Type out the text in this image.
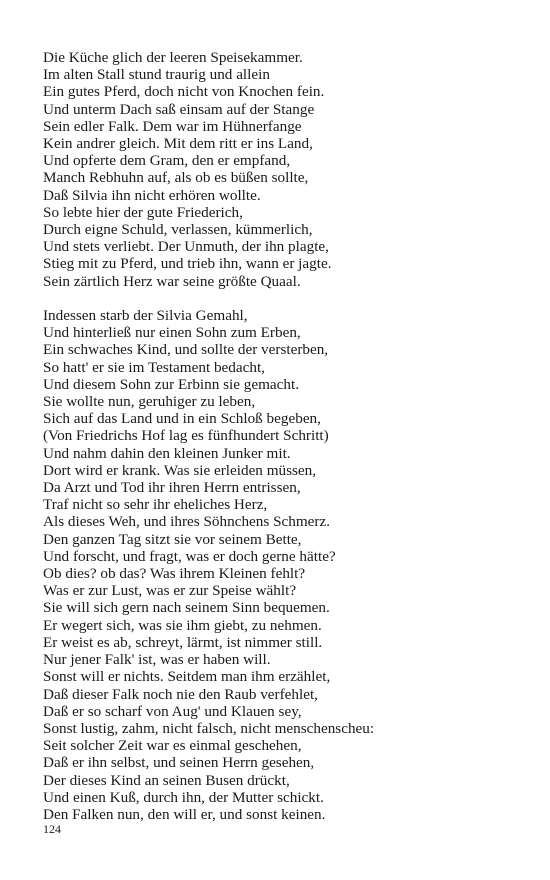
Die Küche glich der leeren Speisekammer.
Im alten Stall stund traurig und allein
Ein gutes Pferd, doch nicht von Knochen fein.
Und unterm Dach saß einsam auf der Stange
Sein edler Falk. Dem war im Hühnerfange
Kein andrer gleich. Mit dem ritt er ins Land,
Und opferte dem Gram, den er empfand,
Manch Rebhuhn auf, als ob es büßen sollte,
Daß Silvia ihn nicht erhören wollte.
So lebte hier der gute Friederich,
Durch eigne Schuld, verlassen, kümmerlich,
Und stets verliebt. Der Unmuth, der ihn plagte,
Stieg mit zu Pferd, und trieb ihn, wann er jagte.
Sein zärtlich Herz war seine größte Quaal.
Indessen starb der Silvia Gemahl,
Und hinterließ nur einen Sohn zum Erben,
Ein schwaches Kind, und sollte der versterben,
So hatt' er sie im Testament bedacht,
Und diesem Sohn zur Erbinn sie gemacht.
Sie wollte nun, geruhiger zu leben,
Sich auf das Land und in ein Schloß begeben,
(Von Friedrichs Hof lag es fünfhundert Schritt)
Und nahm dahin den kleinen Junker mit.
Dort wird er krank. Was sie erleiden müssen,
Da Arzt und Tod ihr ihren Herrn entrissen,
Traf nicht so sehr ihr eheliches Herz,
Als dieses Weh, und ihres Söhnchens Schmerz.
Den ganzen Tag sitzt sie vor seinem Bette,
Und forscht, und fragt, was er doch gerne hätte?
Ob dies? ob das? Was ihrem Kleinen fehlt?
Was er zur Lust, was er zur Speise wählt?
Sie will sich gern nach seinem Sinn bequemen.
Er wegert sich, was sie ihm giebt, zu nehmen.
Er weist es ab, schreyt, lärmt, ist nimmer still.
Nur jener Falk' ist, was er haben will.
Sonst will er nichts. Seitdem man ihm erzählet,
Daß dieser Falk noch nie den Raub verfehlet,
Daß er so scharf von Aug' und Klauen sey,
Sonst lustig, zahm, nicht falsch, nicht menschenscheu:
Seit solcher Zeit war es einmal geschehen,
Daß er ihn selbst, und seinen Herrn gesehen,
Der dieses Kind an seinen Busen drückt,
Und einen Kuß, durch ihn, der Mutter schickt.
Den Falken nun, den will er, und sonst keinen.
124
